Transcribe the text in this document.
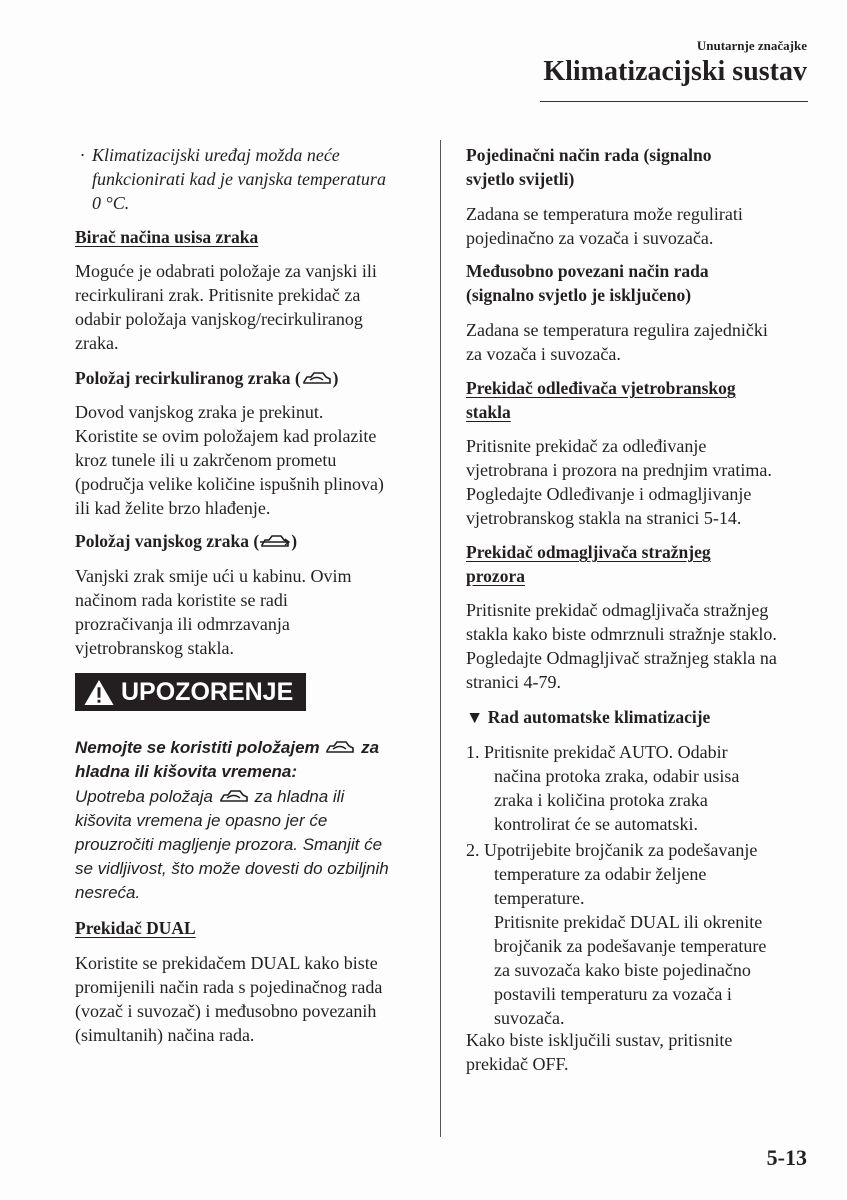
Unutarnje značajke
Klimatizacijski sustav
· Klimatizacijski uređaj možda neće
funkcionirati kad je vanjska temperatura
0 °C.
Birač načina usisa zraka
Moguće je odabrati položaje za vanjski ili
recirkulirani zrak. Pritisnite prekidač za
odabir položaja vanjskog/recirkuliranog
zraka.
Položaj recirkuliranog zraka ( )
Dovod vanjskog zraka je prekinut.
Koristite se ovim položajem kad prolazite
kroz tunele ili u zakrčenom prometu
(područja velike količine ispušnih plinova)
ili kad želite brzo hlađenje.
Položaj vanjskog zraka ( )
Vanjski zrak smije ući u kabinu. Ovim
načinom rada koristite se radi
prozračivanja ili odmrzavanja
vjetrobranskog stakla.
UPOZORENJE
Nemojte se koristiti položajem za
hladna ili kišovita vremena:
Upotreba položaja za hladna ili
kišovita vremena je opasno jer će
prouzročiti magljenje prozora. Smanjit će
se vidljivost, što može dovesti do ozbiljnih
nesreća.
Prekidač DUAL
Koristite se prekidačem DUAL kako biste
promijenili način rada s pojedinačnog rada
(vozač i suvozač) i međusobno povezanih
(simultanih) načina rada.
Pojedinačni način rada (signalno
svjetlo svijetli)
Zadana se temperatura može regulirati
pojedinačno za vozača i suvozača.
Međusobno povezani način rada
(signalno svjetlo je isključeno)
Zadana se temperatura regulira zajednički
za vozača i suvozača.
Prekidač odleđivača vjetrobranskog
stakla
Pritisnite prekidač za odleđivanje
vjetrobrana i prozora na prednjim vratima.
Pogledajte Odleđivanje i odmagljivanje
vjetrobranskog stakla na stranici 5-14.
Prekidač odmagljivača stražnjeg
prozora
Pritisnite prekidač odmagljivača stražnjeg
stakla kako biste odmrznuli stražnje staklo.
Pogledajte Odmagljivač stražnjeg stakla na
stranici 4-79.
▼ Rad automatske klimatizacije
1. Pritisnite prekidač AUTO. Odabir
načina protoka zraka, odabir usisa
zraka i količina protoka zraka
kontrolirat će se automatski.
2. Upotrijebite brojčanik za podešavanje
temperature za odabir željene
temperature.
Pritisnite prekidač DUAL ili okrenite
brojčanik za podešavanje temperature
za suvozača kako biste pojedinačno
postavili temperaturu za vozača i
suvozača.
Kako biste isključili sustav, pritisnite
prekidač OFF.
5-13
